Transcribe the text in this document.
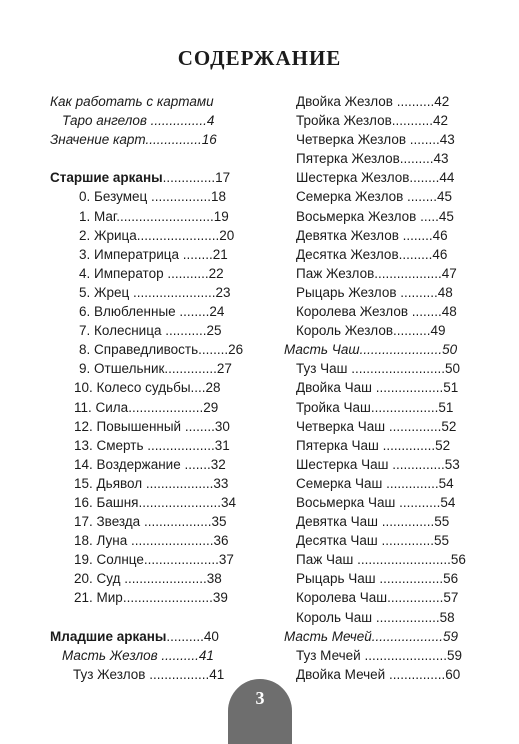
СОДЕРЖАНИЕ
Как работать с картами
Таро ангелов ...............4
Значение карт...............16
Старшие арканы..............17
0. Безумец ................18
1. Маг..........................19
2. Жрица......................20
3. Императрица ........21
4. Император ...........22
5. Жрец ......................23
6. Влюбленные ........24
7. Колесница ...........25
8. Справедливость........26
9. Отшельник..............27
10. Колесо судьбы....28
11. Сила....................29
12. Повышенный ........30
13. Смерть ..................31
14. Воздержание .......32
15. Дьявол ..................33
16. Башня......................34
17. Звезда ..................35
18. Луна ......................36
19. Солнце....................37
20. Суд ......................38
21. Мир........................39
Младшие арканы..........40
Масть Жезлов ..........41
Туз Жезлов ................41
Двойка Жезлов ..........42
Тройка Жезлов...........42
Четверка Жезлов ........43
Пятерка Жезлов.........43
Шестерка Жезлов........44
Семерка Жезлов ........45
Восьмерка Жезлов .....45
Девятка Жезлов ........46
Десятка Жезлов.........46
Паж Жезлов..................47
Рыцарь Жезлов ..........48
Королева Жезлов ........48
Король Жезлов..........49
Масть Чаш......................50
Туз Чаш .........................50
Двойка Чаш ..................51
Тройка Чаш..................51
Четверка Чаш ..............52
Пятерка Чаш ..............52
Шестерка Чаш ..............53
Семерка Чаш ..............54
Восьмерка Чаш ...........54
Девятка Чаш ..............55
Десятка Чаш ..............55
Паж Чаш .........................56
Рыцарь Чаш .................56
Королева Чаш...............57
Король Чаш .................58
Масть Мечей...................59
Туз Мечей ......................59
Двойка Мечей ...............60
3
